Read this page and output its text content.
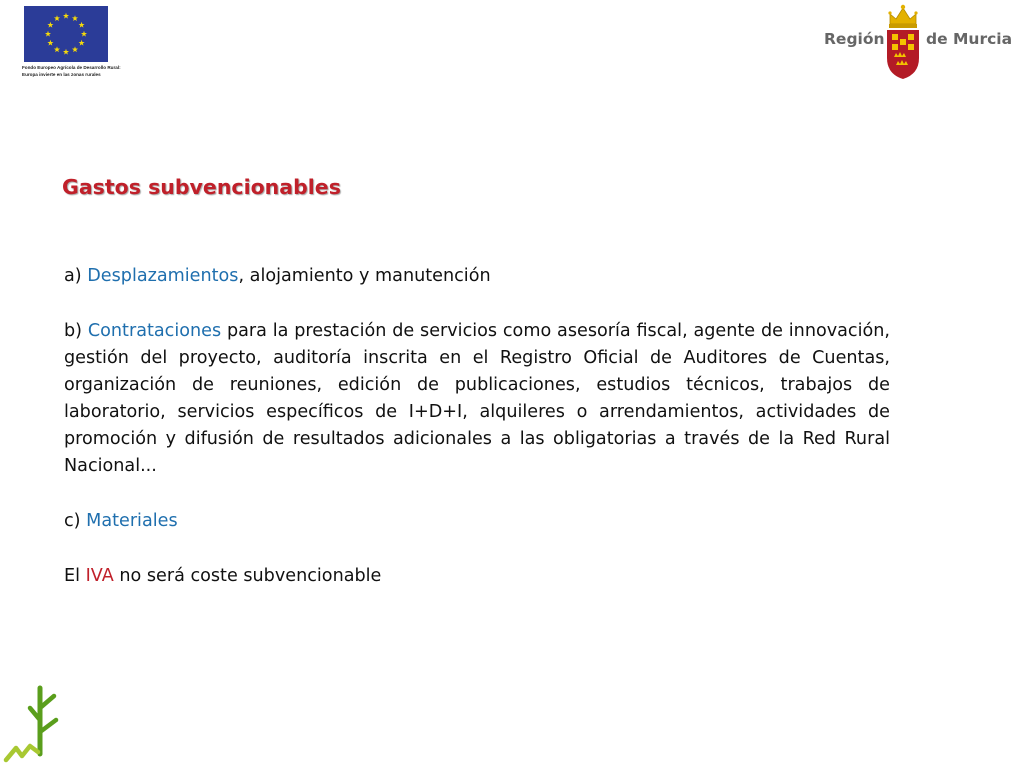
Fondo Europeo Agrícola de Desarrollo Rural:
Europa invierte en las zonas rurales
Región	de Murcia
Gastos subvencionables

a) Desplazamientos, alojamiento y manutención

b) Contrataciones para la prestación de servicios como asesoría fiscal, agente de innovación, gestión del proyecto, auditoría inscrita en el Registro Oficial de Auditores de Cuentas, organización de reuniones, edición de publicaciones, estudios técnicos, trabajos de laboratorio, servicios específicos de I+D+I, alquileres o arrendamientos, actividades de promoción y difusión de resultados adicionales a las obligatorias a través de la Red Rural Nacional...

c) Materiales

El IVA no será coste subvencionable
